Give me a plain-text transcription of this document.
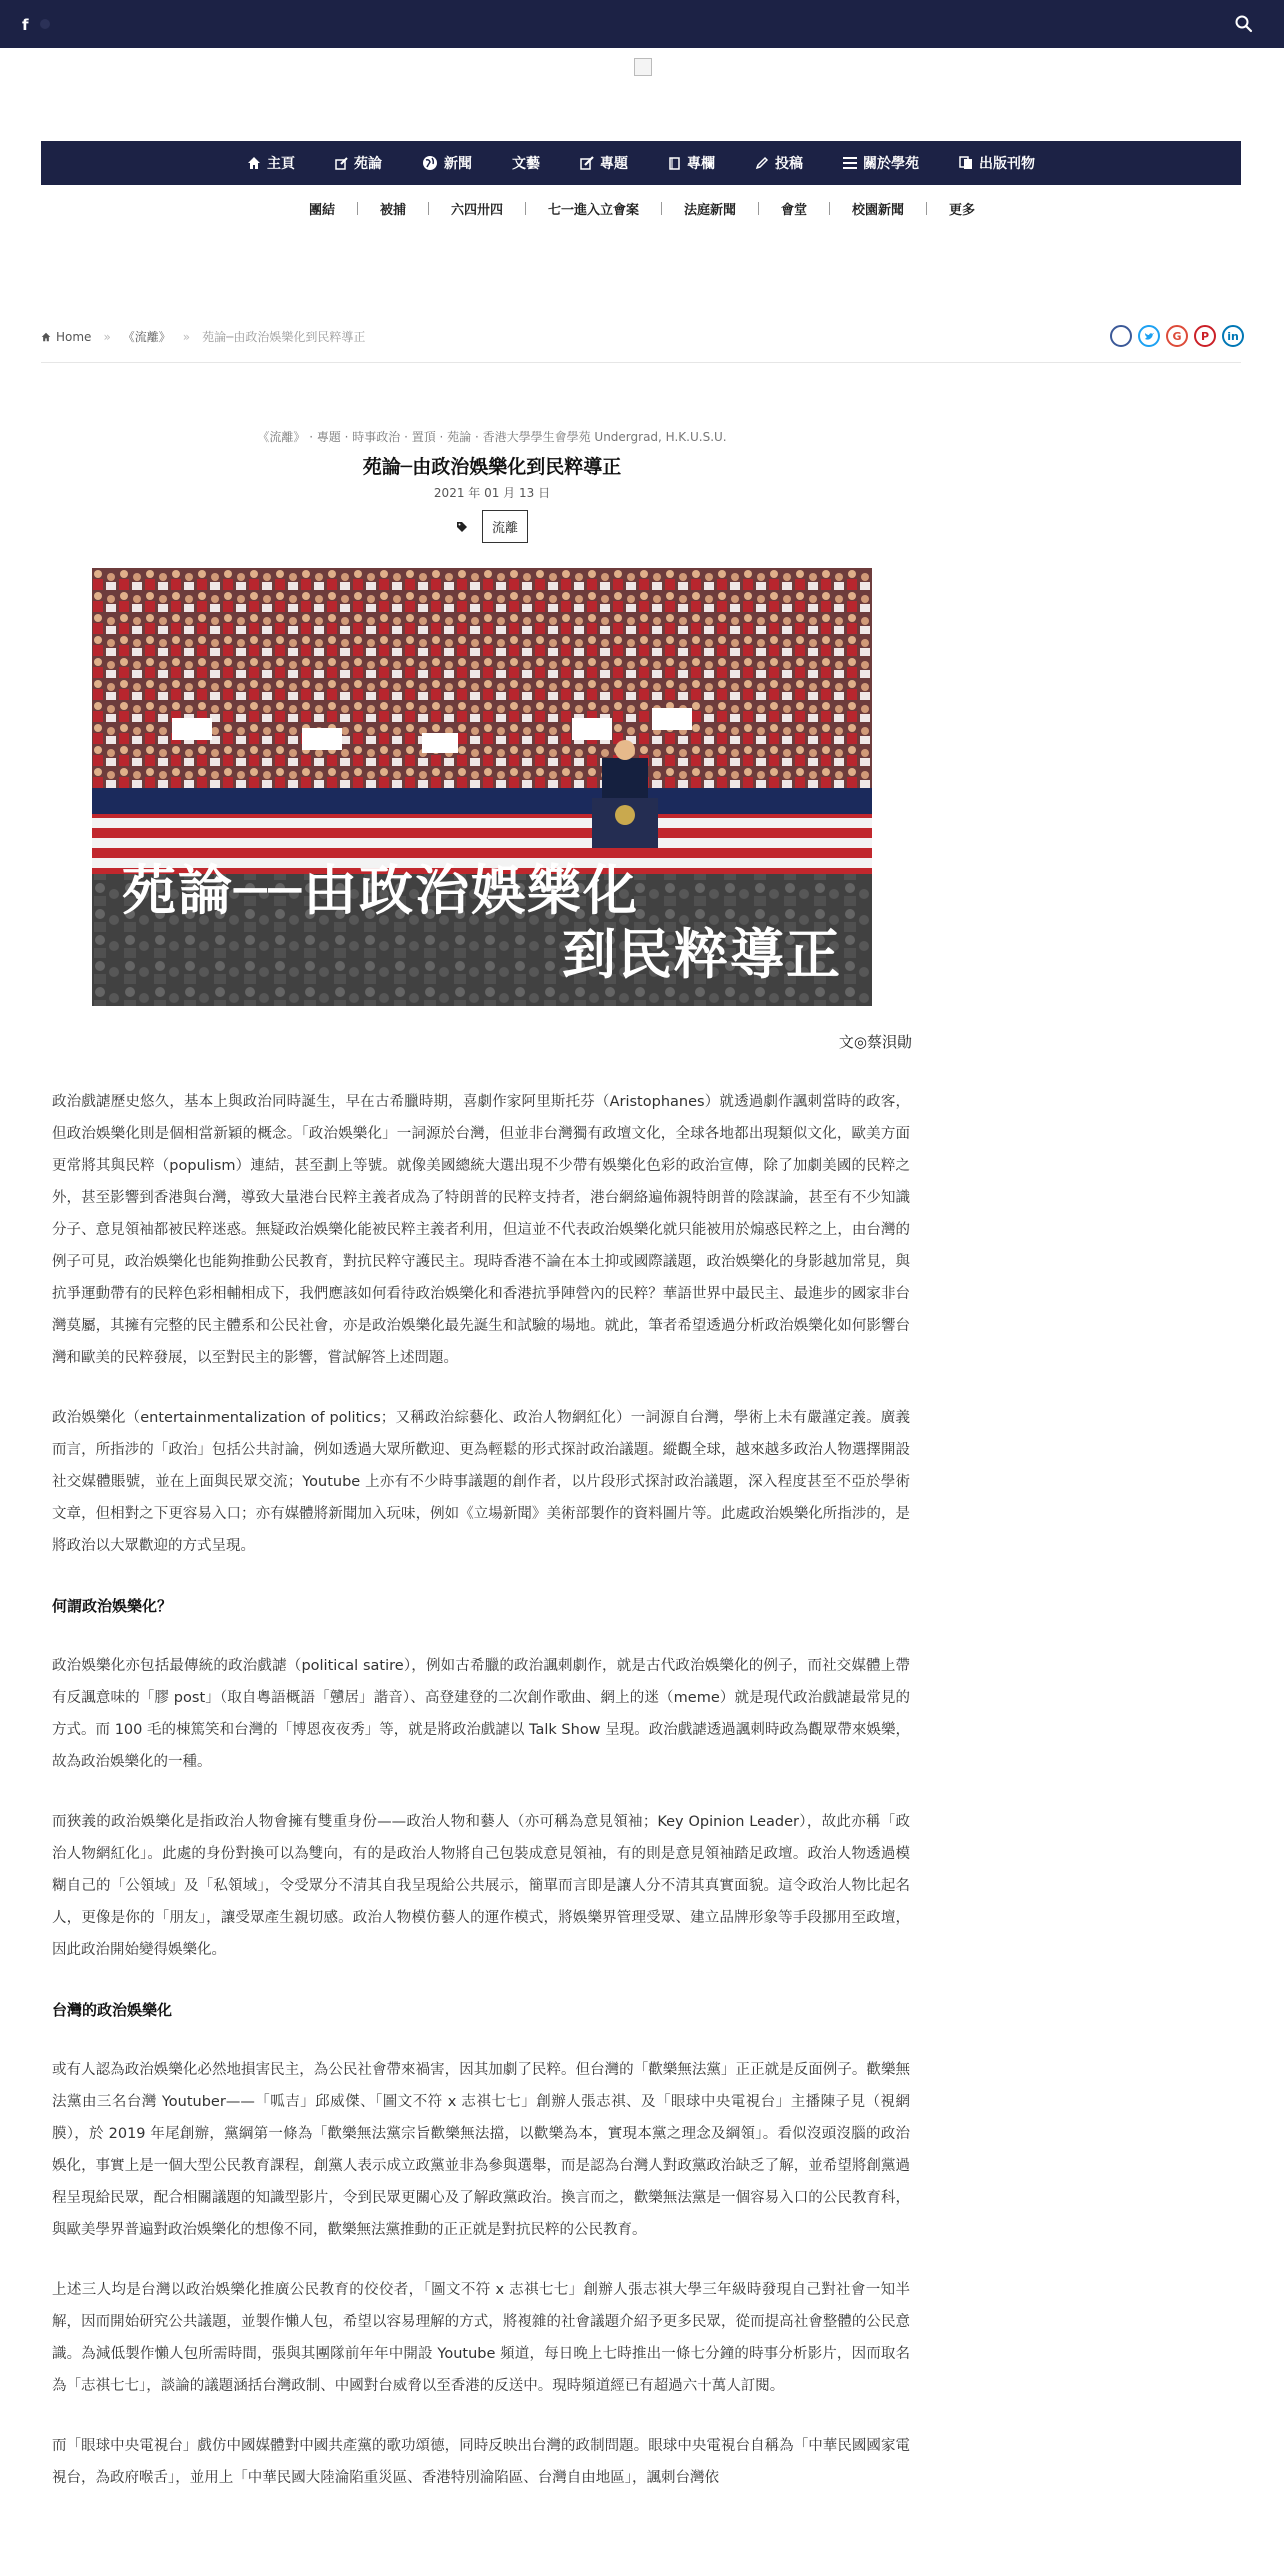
f
主頁	苑論	新聞	文藝	專題	專欄	投稿	關於學苑	出版刊物
團結	被捕	六四卅四	七一進入立會案	法庭新聞	會堂	校園新聞	更多
Home » 《流離》 » 苑論─由政治娛樂化到民粹導正	G	P	in
《流離》 · 專題 · 時事政治 · 置頂 · 苑論 · 香港大學學生會學苑 Undergrad, H.K.U.S.U.
苑論─由政治娛樂化到民粹導正
2021 年 01 月 13 日
流離
苑論──由政治娛樂化
到民粹導正
文◎蔡浿勛

政治戲謔歷史悠久，基本上與政治同時誕生，早在古希臘時期，喜劇作家阿里斯托芬（Aristophanes）就透過劇作諷刺當時的政客，但政治娛樂化則是個相當新穎的概念。「政治娛樂化」一詞源於台灣，但並非台灣獨有政壇文化，全球各地都出現類似文化，歐美方面更常將其與民粹（populism）連結，甚至劃上等號。就像美國總統大選出現不少帶有娛樂化色彩的政治宣傳，除了加劇美國的民粹之外，甚至影響到香港與台灣，導致大量港台民粹主義者成為了特朗普的民粹支持者，港台網絡遍佈親特朗普的陰謀論，甚至有不少知識分子、意見領袖都被民粹迷惑。無疑政治娛樂化能被民粹主義者利用，但這並不代表政治娛樂化就只能被用於煽惑民粹之上，由台灣的例子可見，政治娛樂化也能夠推動公民教育，對抗民粹守護民主。現時香港不論在本土抑或國際議題，政治娛樂化的身影越加常見，與抗爭運動帶有的民粹色彩相輔相成下，我們應該如何看待政治娛樂化和香港抗爭陣營內的民粹？華語世界中最民主、最進步的國家非台灣莫屬，其擁有完整的民主體系和公民社會，亦是政治娛樂化最先誕生和試驗的場地。就此，筆者希望透過分析政治娛樂化如何影響台灣和歐美的民粹發展，以至對民主的影響，嘗試解答上述問題。

政治娛樂化（entertainmentalization of politics；又稱政治綜藝化、政治人物網紅化）一詞源自台灣，學術上未有嚴謹定義。廣義而言，所指涉的「政治」包括公共討論，例如透過大眾所歡迎、更為輕鬆的形式探討政治議題。縱觀全球，越來越多政治人物選擇開設社交媒體賬號，並在上面與民眾交流；Youtube 上亦有不少時事議題的創作者，以片段形式探討政治議題，深入程度甚至不亞於學術文章，但相對之下更容易入口；亦有媒體將新聞加入玩味，例如《立場新聞》美術部製作的資料圖片等。此處政治娛樂化所指涉的，是將政治以大眾歡迎的方式呈現。

何謂政治娛樂化？

政治娛樂化亦包括最傳統的政治戲謔（political satire），例如古希臘的政治諷刺劇作，就是古代政治娛樂化的例子，而社交媒體上帶有反諷意味的「膠 post」（取自粵語概語「戇居」諧音）、高登建登的二次創作歌曲、網上的迷（meme）就是現代政治戲謔最常見的方式。而 100 毛的棟篤笑和台灣的「博恩夜夜秀」等，就是將政治戲謔以 Talk Show 呈現。政治戲謔透過諷刺時政為觀眾帶來娛樂，故為政治娛樂化的一種。

而狹義的政治娛樂化是指政治人物會擁有雙重身份——政治人物和藝人（亦可稱為意見領袖；Key Opinion Leader），故此亦稱「政治人物網紅化」。此處的身份對換可以為雙向，有的是政治人物將自己包裝成意見領袖，有的則是意見領袖踏足政壇。政治人物透過模糊自己的「公領域」及「私領域」，令受眾分不清其自我呈現給公共展示，簡單而言即是讓人分不清其真實面貌。這令政治人物比起名人，更像是你的「朋友」，讓受眾產生親切感。政治人物模仿藝人的運作模式，將娛樂界管理受眾、建立品牌形象等手段挪用至政壇，因此政治開始變得娛樂化。

台灣的政治娛樂化

或有人認為政治娛樂化必然地損害民主，為公民社會帶來禍害，因其加劇了民粹。但台灣的「歡樂無法黨」正正就是反面例子。歡樂無法黨由三名台灣 Youtuber——「呱吉」邱威傑、「圖文不符 x 志祺七七」創辦人張志祺、及「眼球中央電視台」主播陳子見（視網膜），於 2019 年尾創辦，黨綱第一條為「歡樂無法黨宗旨歡樂無法擋，以歡樂為本，實現本黨之理念及綱領」。看似沒頭沒腦的政治娛化，事實上是一個大型公民教育課程，創黨人表示成立政黨並非為參與選舉，而是認為台灣人對政黨政治缺乏了解，並希望將創黨過程呈現給民眾，配合相關議題的知識型影片，令到民眾更關心及了解政黨政治。換言而之，歡樂無法黨是一個容易入口的公民教育科，與歐美學界普遍對政治娛樂化的想像不同，歡樂無法黨推動的正正就是對抗民粹的公民教育。

上述三人均是台灣以政治娛樂化推廣公民教育的佼佼者，「圖文不符 x 志祺七七」創辦人張志祺大學三年級時發現自己對社會一知半解，因而開始研究公共議題，並製作懶人包，希望以容易理解的方式，將複雜的社會議題介紹予更多民眾，從而提高社會整體的公民意識。為減低製作懶人包所需時間，張與其團隊前年年中開設 Youtube 頻道，每日晚上七時推出一條七分鐘的時事分析影片，因而取名為「志祺七七」，談論的議題涵括台灣政制、中國對台威脅以至香港的反送中。現時頻道經已有超過六十萬人訂閱。

而「眼球中央電視台」戲仿中國媒體對中國共產黨的歌功頌德，同時反映出台灣的政制問題。眼球中央電視台自稱為「中華民國國家電視台，為政府喉舌」，並用上「中華民國大陸淪陷重災區、香港特別淪陷區、台灣自由地區」，諷刺台灣依
